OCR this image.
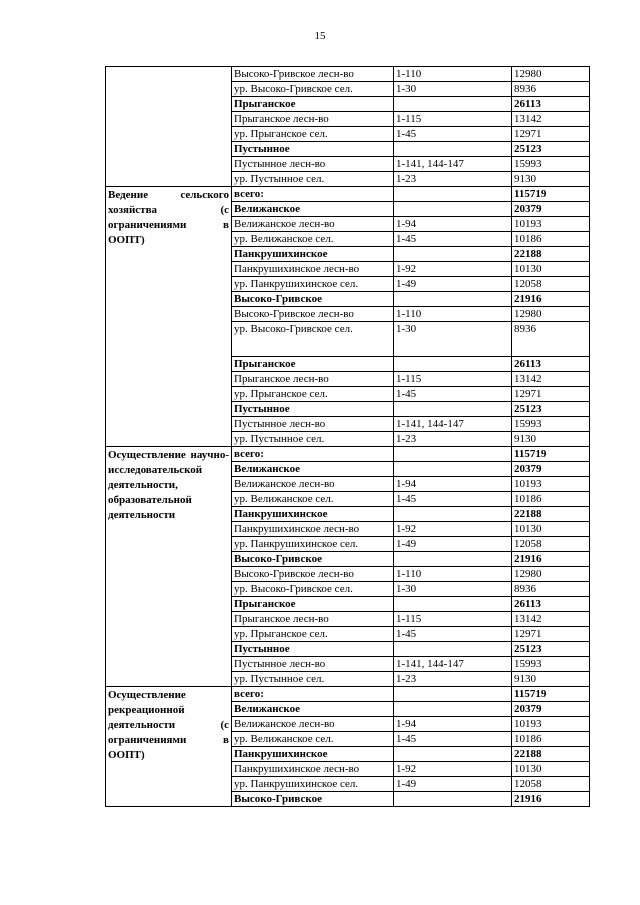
15
	Высоко-Гривское лесн-во	1-110	12980
	ур. Высоко-Гривское сел.	1-30	8936
	Прыганское		26113
	Прыганское лесн-во	1-115	13142
	ур. Прыганское сел.	1-45	12971
	Пустынное		25123
	Пустынное лесн-во	1-141, 144-147	15993
	ур. Пустынное сел.	1-23	9130
Ведение сельского хозяйства (с ограничениями в ООПТ)	всего:		115719
	Велижанское		20379
	Велижанское лесн-во	1-94	10193
	ур. Велижанское сел.	1-45	10186
	Панкрушихинское		22188
	Панкрушихинское лесн-во	1-92	10130
	ур. Панкрушихинское сел.	1-49	12058
	Высоко-Гривское		21916
	Высоко-Гривское лесн-во	1-110	12980
	ур. Высоко-Гривское сел.	1-30	8936
	Прыганское		26113
	Прыганское лесн-во	1-115	13142
	ур. Прыганское сел.	1-45	12971
	Пустынное		25123
	Пустынное лесн-во	1-141, 144-147	15993
	ур. Пустынное сел.	1-23	9130
Осуществление научно-исследовательской деятельности, образовательной деятельности	всего:		115719
	Велижанское		20379
	Велижанское лесн-во	1-94	10193
	ур. Велижанское сел.	1-45	10186
	Панкрушихинское		22188
	Панкрушихинское лесн-во	1-92	10130
	ур. Панкрушихинское сел.	1-49	12058
	Высоко-Гривское		21916
	Высоко-Гривское лесн-во	1-110	12980
	ур. Высоко-Гривское сел.	1-30	8936
	Прыганское		26113
	Прыганское лесн-во	1-115	13142
	ур. Прыганское сел.	1-45	12971
	Пустынное		25123
	Пустынное лесн-во	1-141, 144-147	15993
	ур. Пустынное сел.	1-23	9130
Осуществление рекреационной деятельности (с ограничениями в ООПТ)	всего:		115719
	Велижанское		20379
	Велижанское лесн-во	1-94	10193
	ур. Велижанское сел.	1-45	10186
	Панкрушихинское		22188
	Панкрушихинское лесн-во	1-92	10130
	ур. Панкрушихинское сел.	1-49	12058
	Высоко-Гривское		21916
